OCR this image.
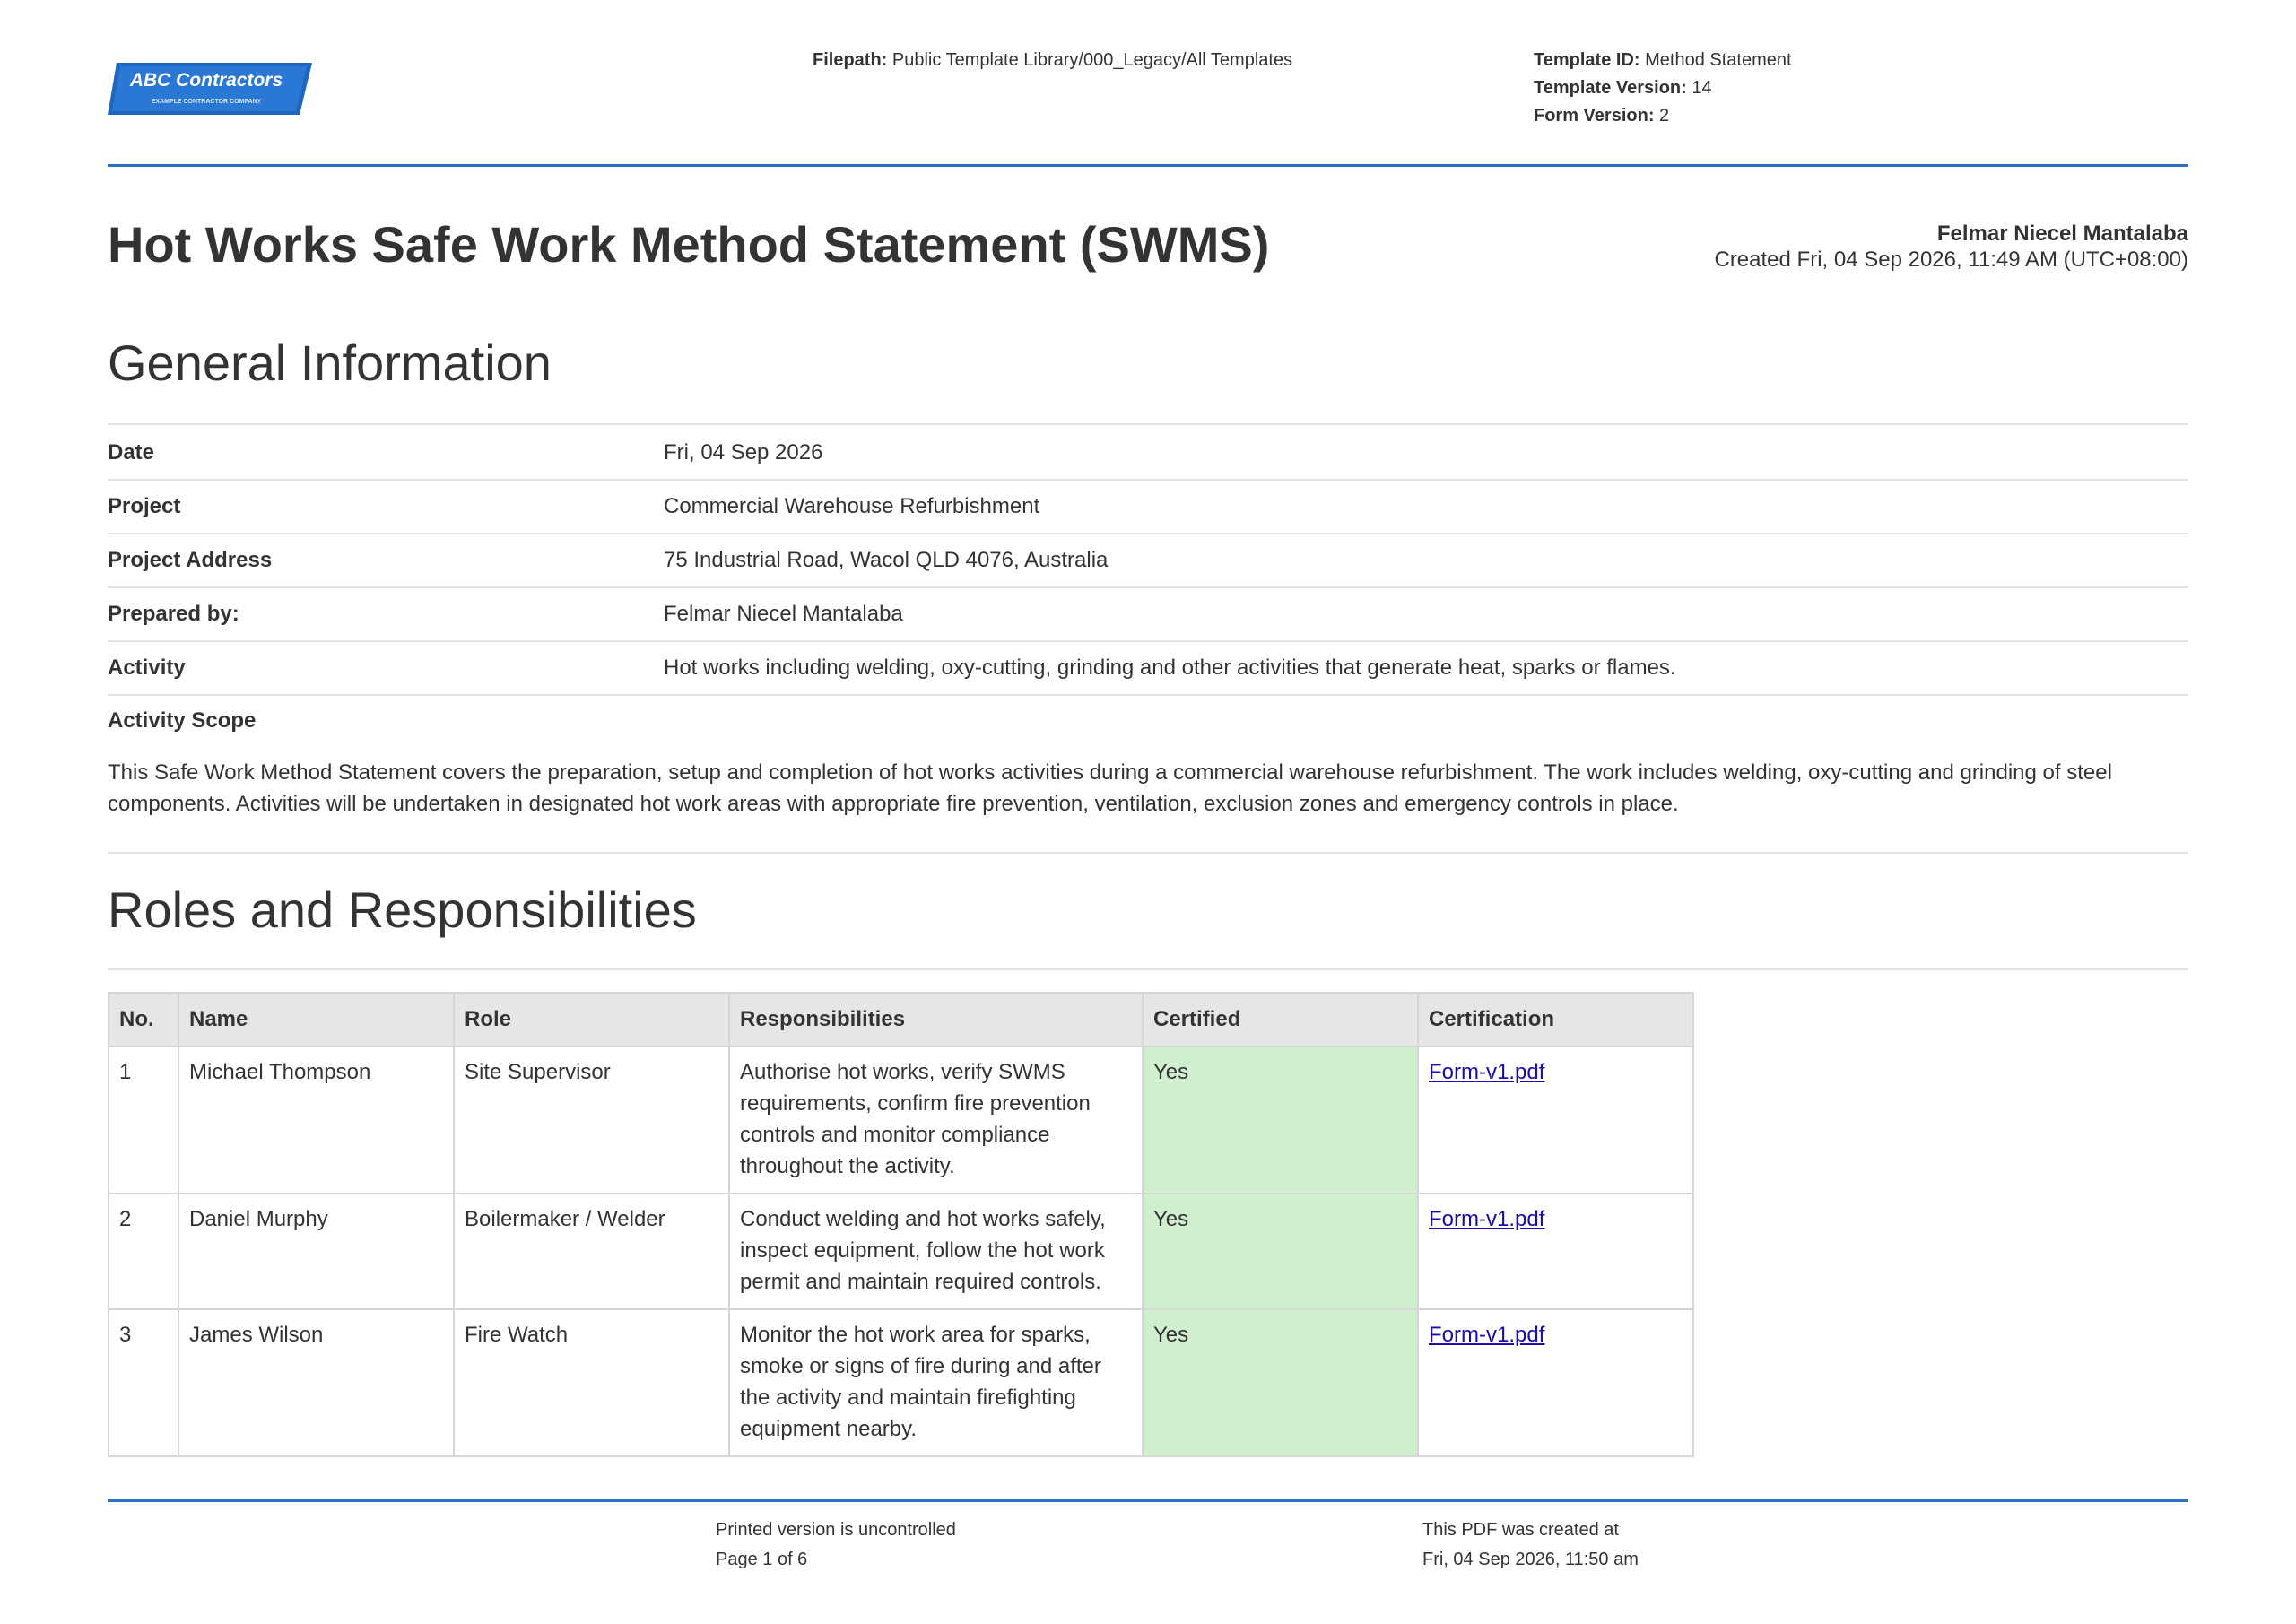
ABC Contractors
EXAMPLE CONTRACTOR COMPANY
Filepath: Public Template Library/000_Legacy/All Templates	Template ID: Method Statement
Template Version: 14
Form Version: 2
Hot Works Safe Work Method Statement (SWMS)	Felmar Niecel Mantalaba
Created Fri, 04 Sep 2026, 11:49 AM (UTC+08:00)
General Information
Date	Fri, 04 Sep 2026
Project	Commercial Warehouse Refurbishment
Project Address	75 Industrial Road, Wacol QLD 4076, Australia
Prepared by:	Felmar Niecel Mantalaba
Activity	Hot works including welding, oxy-cutting, grinding and other activities that generate heat, sparks or flames.
Activity Scope
This Safe Work Method Statement covers the preparation, setup and completion of hot works activities during a commercial warehouse refurbishment. The work includes welding, oxy-cutting and grinding of steel components. Activities will be undertaken in designated hot work areas with appropriate fire prevention, ventilation, exclusion zones and emergency controls in place.
Roles and Responsibilities
No.	Name	Role	Responsibilities	Certified	Certification
1	Michael Thompson	Site Supervisor	Authorise hot works, verify SWMS requirements, confirm fire prevention controls and monitor compliance throughout the activity.	Yes	Form-v1.pdf
2	Daniel Murphy	Boilermaker / Welder	Conduct welding and hot works safely, inspect equipment, follow the hot work permit and maintain required controls.	Yes	Form-v1.pdf
3	James Wilson	Fire Watch	Monitor the hot work area for sparks, smoke or signs of fire during and after the activity and maintain firefighting equipment nearby.	Yes	Form-v1.pdf
Printed version is uncontrolled
Page 1 of 6
This PDF was created at
Fri, 04 Sep 2026, 11:50 am
